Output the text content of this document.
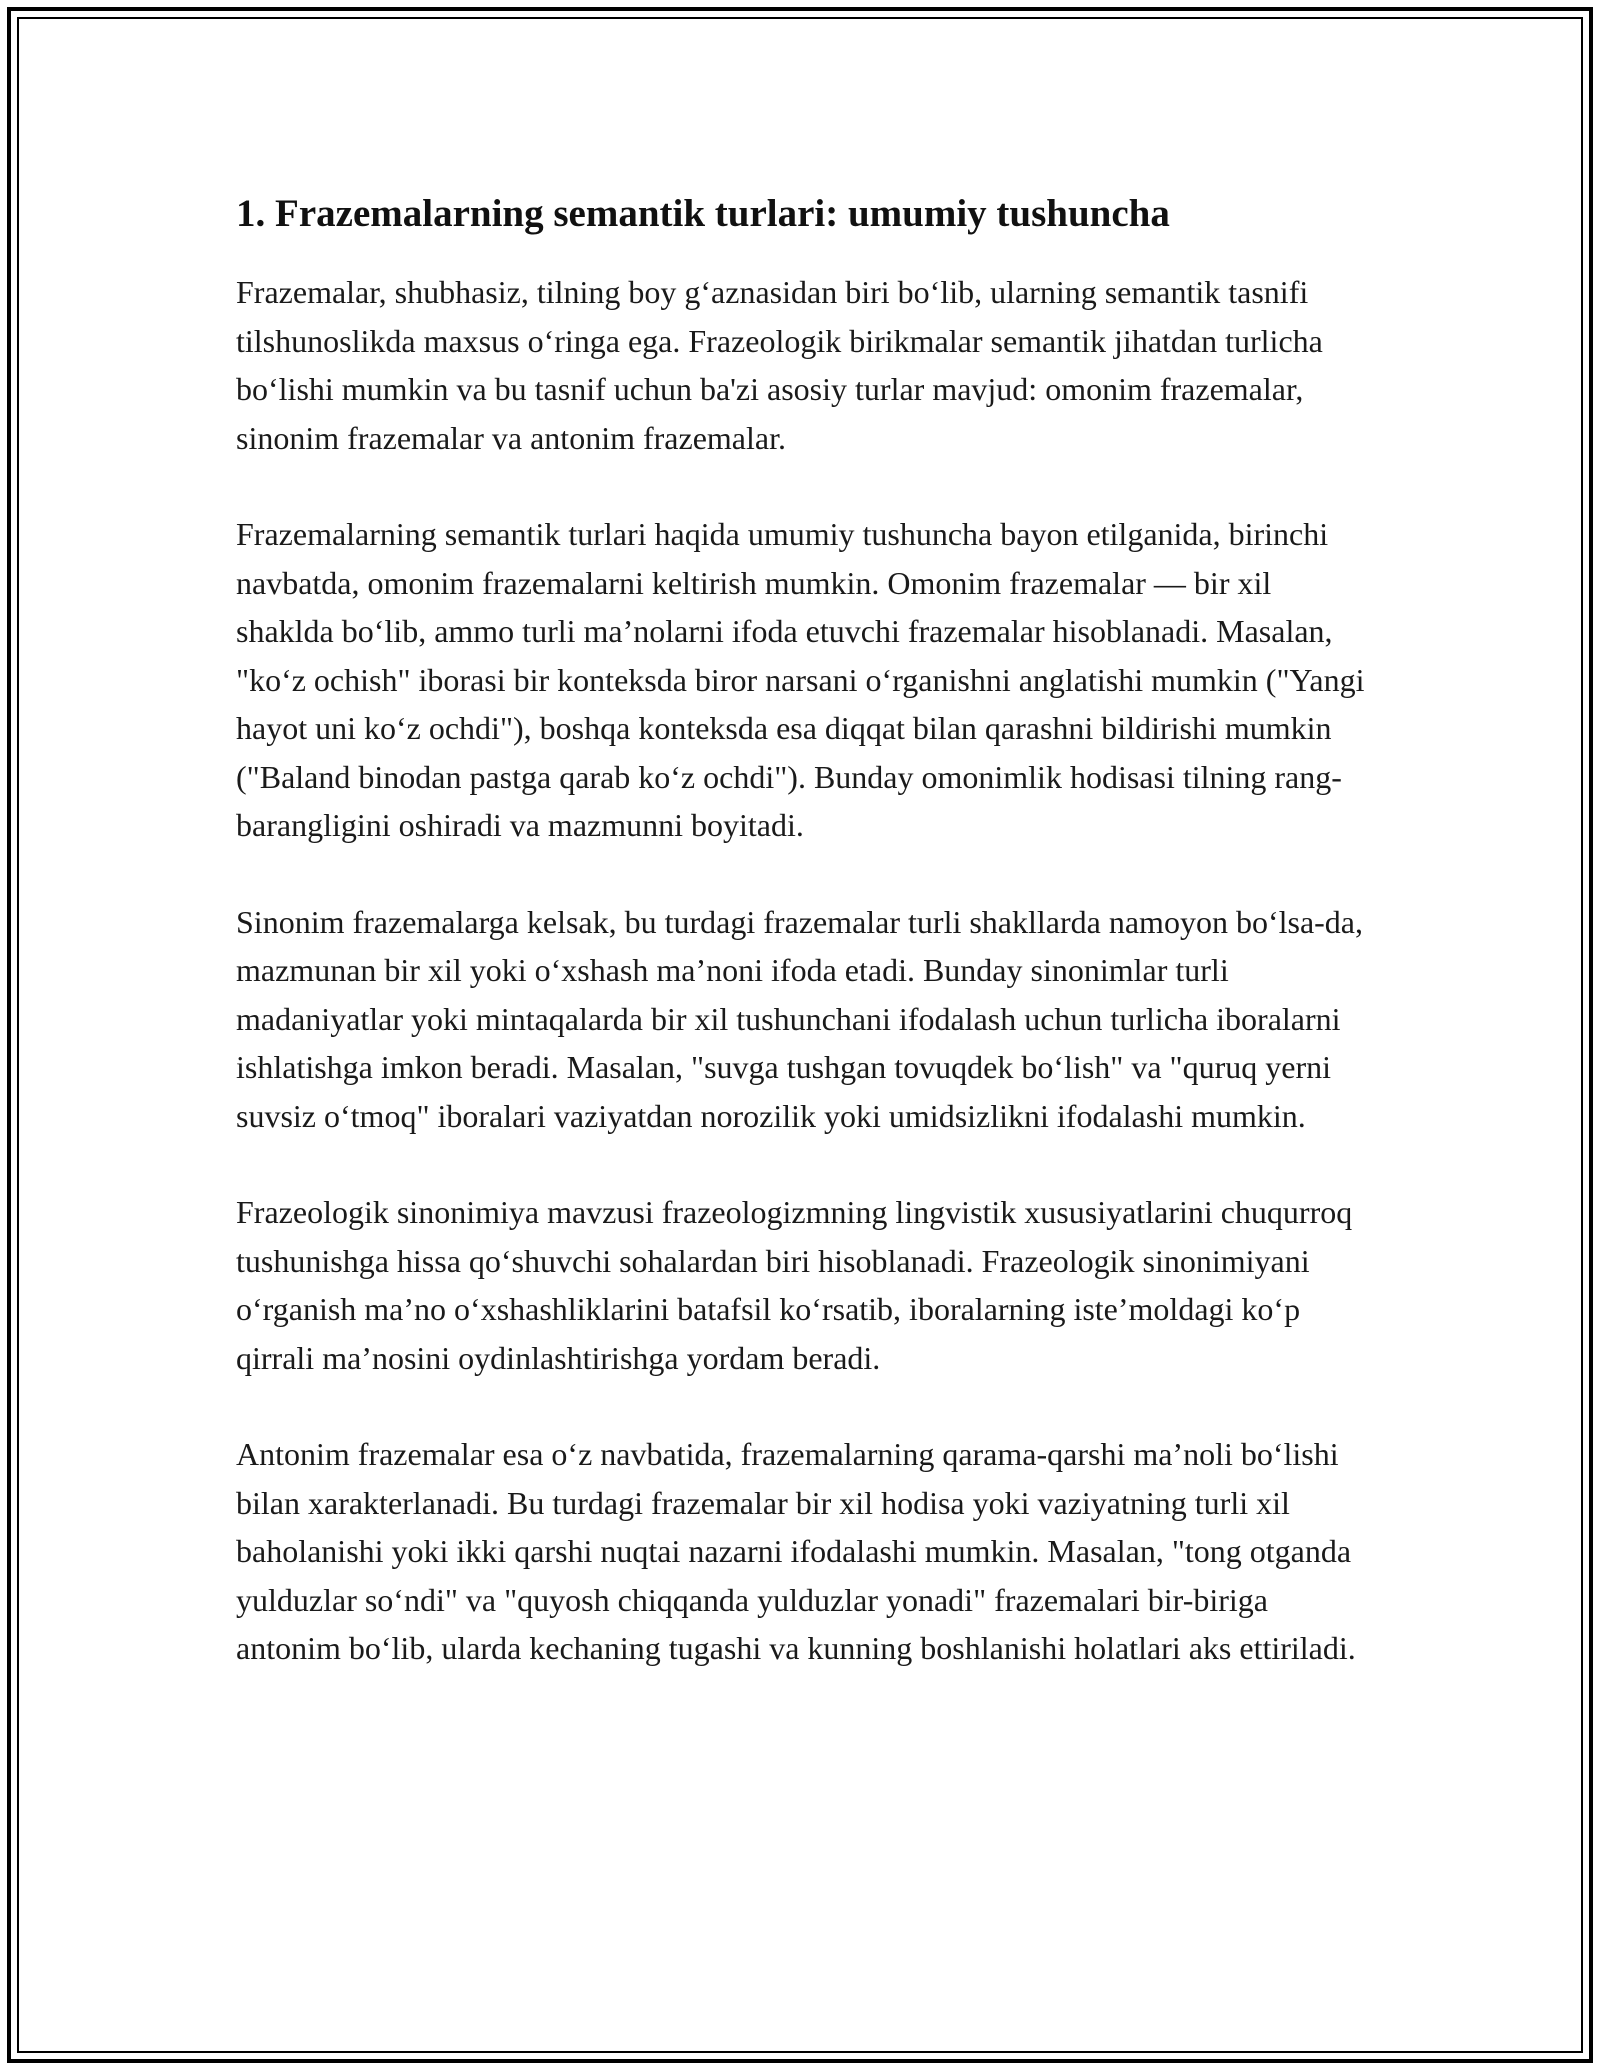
1. Frazemalarning semantik turlari: umumiy tushuncha

Frazemalar, shubhasiz, tilning boy g‘aznasidan biri bo‘lib, ularning semantik tasnifi tilshunoslikda maxsus o‘ringa ega. Frazeologik birikmalar semantik jihatdan turlicha bo‘lishi mumkin va bu tasnif uchun ba'zi asosiy turlar mavjud: omonim frazemalar, sinonim frazemalar va antonim frazemalar.

Frazemalarning semantik turlari haqida umumiy tushuncha bayon etilganida, birinchi navbatda, omonim frazemalarni keltirish mumkin. Omonim frazemalar — bir xil shaklda bo‘lib, ammo turli ma’nolarni ifoda etuvchi frazemalar hisoblanadi. Masalan, "ko‘z ochish" iborasi bir konteksda biror narsani o‘rganishni anglatishi mumkin ("Yangi hayot uni ko‘z ochdi"), boshqa konteksda esa diqqat bilan qarashni bildirishi mumkin ("Baland binodan pastga qarab ko‘z ochdi"). Bunday omonimlik hodisasi tilning rang-barangligini oshiradi va mazmunni boyitadi.

Sinonim frazemalarga kelsak, bu turdagi frazemalar turli shakllarda namoyon bo‘lsa-da, mazmunan bir xil yoki o‘xshash ma’noni ifoda etadi. Bunday sinonimlar turli madaniyatlar yoki mintaqalarda bir xil tushunchani ifodalash uchun turlicha iboralarni ishlatishga imkon beradi. Masalan, "suvga tushgan tovuqdek bo‘lish" va "quruq yerni suvsiz o‘tmoq" iboralari vaziyatdan norozilik yoki umidsizlikni ifodalashi mumkin.

Frazeologik sinonimiya mavzusi frazeologizmning lingvistik xususiyatlarini chuqurroq tushunishga hissa qo‘shuvchi sohalardan biri hisoblanadi. Frazeologik sinonimiyani o‘rganish ma’no o‘xshashliklarini batafsil ko‘rsatib, iboralarning iste’moldagi ko‘p qirrali ma’nosini oydinlashtirishga yordam beradi.

Antonim frazemalar esa o‘z navbatida, frazemalarning qarama-qarshi ma’noli bo‘lishi bilan xarakterlanadi. Bu turdagi frazemalar bir xil hodisa yoki vaziyatning turli xil baholanishi yoki ikki qarshi nuqtai nazarni ifodalashi mumkin. Masalan, "tong otganda yulduzlar so‘ndi" va "quyosh chiqqanda yulduzlar yonadi" frazemalari bir-biriga antonim bo‘lib, ularda kechaning tugashi va kunning boshlanishi holatlari aks ettiriladi.
